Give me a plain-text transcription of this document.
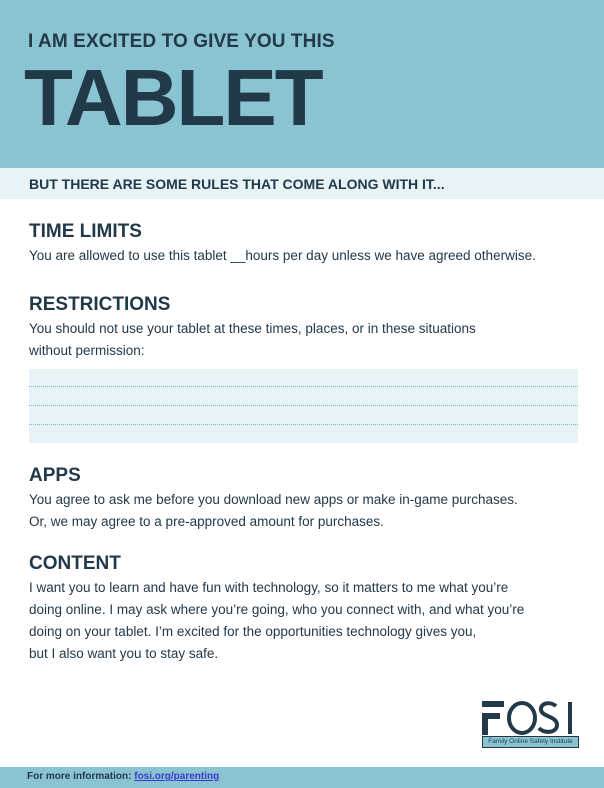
I AM EXCITED TO GIVE YOU THIS
TABLET
BUT THERE ARE SOME RULES THAT COME ALONG WITH IT...
TIME LIMITS
You are allowed to use this tablet __hours per day unless we have agreed otherwise.
RESTRICTIONS
You should not use your tablet at these times, places, or in these situations
without permission:
APPS
You agree to ask me before you download new apps or make in-game purchases.
Or, we may agree to a pre-approved amount for purchases.
CONTENT
I want you to learn and have fun with technology, so it matters to me what you’re
doing online. I may ask where you’re going, who you connect with, and what you’re
doing on your tablet. I’m excited for the opportunities technology gives you,
but I also want you to stay safe.
Family Online Safety Institute
For more information: fosi.org/parenting
